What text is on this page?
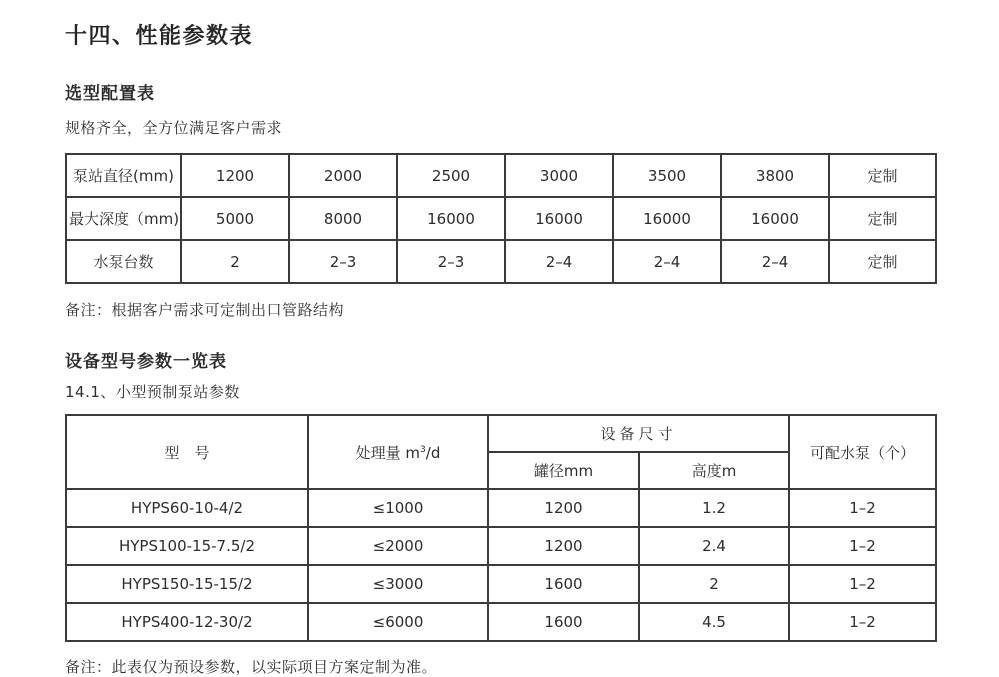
十四、性能参数表
选型配置表

规格齐全，全方位满足客户需求

泵站直径(mm)	1200	2000	2500	3000	3500	3800	定制
最大深度（mm)	5000	8000	16000	16000	16000	16000	定制
水泵台数	2	2–3	2–3	2–4	2–4	2–4	定制

备注：根据客户需求可定制出口管路结构

设备型号参数一览表

14.1、小型预制泵站参数

型　号	处理量 $m^3/d$	设备尺寸		可配水泵（个）
		罐径mm	高度m	
HYPS60-10-4/2	≤1000	1200	1.2	1–2
HYPS100-15-7.5/2	≤2000	1200	2.4	1–2
HYPS150-15-15/2	≤3000	1600	2	1–2
HYPS400-12-30/2	≤6000	1600	4.5	1–2

备注：此表仅为预设参数，以实际项目方案定制为准。
